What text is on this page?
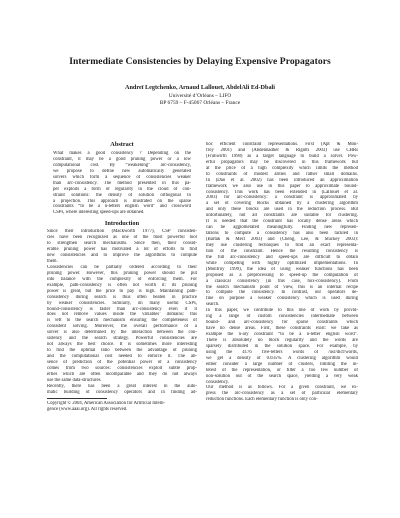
Intermediate Consistencies by Delaying Expensive Propagators
Andreï Legtchenko, Arnaud Lallouet, AbdelAli Ed-Dbali
Université d’Orléans – LIFO
BP 6759 – F-45067 Orléans – France
Abstract
What makes a good consistency ? Depending on the
constraint, it may be a good pruning power or a low
computational cost. By “weakening” arc-consistency,
we propose to define new automatically generated
solvers which form a sequence of consistencies weaker
than arc-consistency. The method presented in this pa-
per exploits a form of regularity in the cloud of con-
straint solutions: the density of solution orthogonal to
a projection. This approach is illustrated on the sparse
constraints “to be a n-letters english word” and crossword
CSPs, where interesting speed-ups are obtained.
Introduction
Since their introduction (Mackworth 1977), CSP consisten-
cies have been recognized as one of the most powerful tool
to strengthen search mechanisms. Since then, their consid-
erable pruning power has motivated a lot of efforts to find
new consistencies and to improve the algorithms to compute
them.
Consistencies can be partially ordered according to their
pruning power. However, this pruning power should be put
into balance with the complexity of enforcing them. For
example, path-consistency is often not worth it: its pruning
power is great, but the price to pay is high. Maintaining path-
consistency during search is thus often beaten in practice
by weaker consistencies. Similarly, on many useful CSPs,
bound-consistency is faster than arc-consistency even if it
does not remove values inside the variables’ domains: this
is left to the search mechanism ensuring the completeness of
consistent solving. Moreover, the overall performance of a
solver is also determined by the interaction between the con-
sistency and the search strategy. Powerful consistencies are
not always the best choice. It is sometimes more interesting
to find the optimal ratio between the advantage of pruning
and the computational cost needed to enforce it. The ab-
sence of prediction of the potential power of a consistency
comes from two sources: consistencies exploit subtle prop-
erties which are often incomparable and they do not always
use the same data-structures.
Recently, there has been a great interest in the auto-
matic building of consistency operators and in finding ad-
Copyright © 2004, American Association for Artificial Intelli-
gence (www.aaai.org). All rights reserved.
hoc efficient constraint representations. First (Apt & Mon-
froy 2001) and (Abdennadher & Rigotti 2003) use CHRs
(Frühwirth 1998) as a target language to build a solver. Pow-
erful propagators may be discovered in this framework but
at the price of a high complexity which limits the method
to constraints of modest arities and rather small domains.
In (Dao et al. 2002) has been introduced an approximation
framework we also use in this paper to approximate bound-
consistency. This work has been extended in (Lallouet et al.
2003) for arc-consistency: a constraint is approximated by
a set of covering blocks obtained by a clustering algorithm
and only these blocks are used in the reduction process. But
unfortunately, not all constraints are suitable for clustering.
It is needed that the constraint has locally dense areas which
can be agglomerated meaningfully. Finding new represen-
tations to compute a consistency has also been tackled in
(Barták & Mecl 2003) and (Cheng, Lee, & Stuckey 2003):
they use clustering techniques to find an exact representa-
tion of the constraint. Hence the resulting consistency is
the full arc-consistency and speed-ups are difficult to obtain
while competing with highly optimized implementations. In
(Monfroy 1999), the idea of using weaker functions has been
proposed as a preprocessing to speed-up the computation of
a classical consistency (in this case, box-consistency). From
the search mechanism point of view, this is an internal recipe
to compute the consistency. In contrast, our operators de-
fine on purpose a weaker consistency which is used during
search.
In this paper, we contribute to this line of work by provid-
ing a range of custom consistencies intermediate between
bound- and arc-consistency for sparse constraints which
have no dense areas. First, these constraints exist: we take as
example the n-ary constraint “to be a n-letter english word”.
There is absolutely no block regularity and the words are
sparsely distributed in the solution space. For example, by
using the 4176 five-letters words of /usr/dict/words,
we get a density of 0.035%. A clustering algorithm would
either consider a large number of clusters, limiting the in-
terest of the representation, or filter a too few number of
non-solution out of the search space, yielding a very weak
consistency.
Our method is as follows. For a given constraint, we ex-
press the arc-consistency as a set of particular elementary
reduction functions. Each elementary function is only con-
